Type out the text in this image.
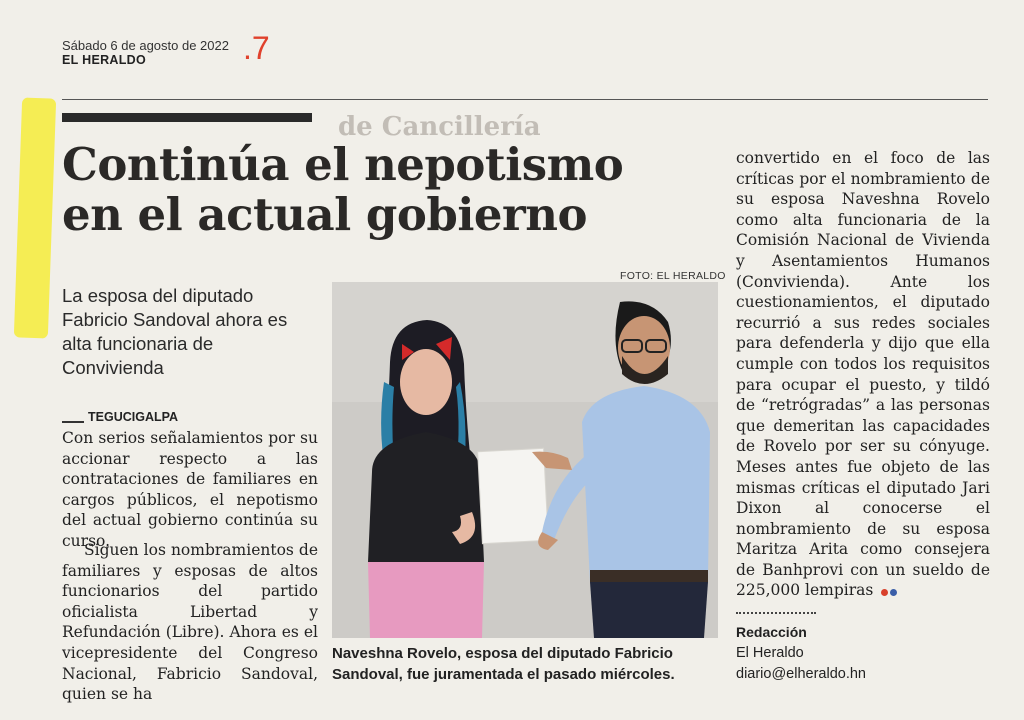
de Cancillería
Sábado 6 de agosto de 2022
EL HERALDO	.7
Continúa el nepotismo
en el actual gobierno
La esposa del diputado Fabricio Sandoval ahora es alta funcionaria de Convivienda
TEGUCIGALPA

Con serios señalamientos por su accionar respecto a las contrataciones de familiares en cargos públicos, el nepotismo del actual gobierno continúa su curso.

Siguen los nombramientos de familiares y esposas de altos funcionarios del partido oficialista Libertad y Refundación (Libre). Ahora es el vicepresidente del Congreso Nacional, Fabricio Sandoval, quien se ha

FOTO: EL HERALDO
Naveshna Rovelo, esposa del diputado Fabricio Sandoval, fue juramentada el pasado miércoles.
convertido en el foco de las críticas por el nombramiento de su esposa Naveshna Rovelo como alta funcionaria de la Comisión Nacional de Vivienda y Asentamientos Humanos (Convivienda). Ante los cuestionamientos, el diputado recurrió a sus redes sociales para defenderla y dijo que ella cumple con todos los requisitos para ocupar el puesto, y tildó de “retrógradas” a las personas que demeritan las capacidades de Rovelo por ser su cónyuge. Meses antes fue objeto de las mismas críticas el diputado Jari Dixon al conocerse el nombramiento de su esposa Maritza Arita como consejera de Banhprovi con un sueldo de 225,000 lempiras
Redacción
El Heraldo
diario@elheraldo.hn
